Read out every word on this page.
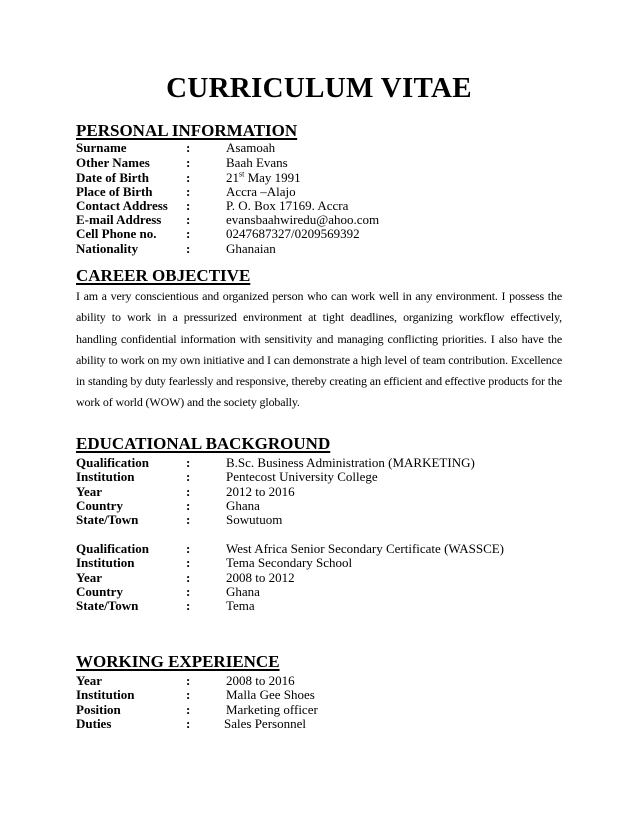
CURRICULUM VITAE
PERSONAL INFORMATION
Surname	:	Asamoah
Other Names	:	Baah Evans
Date of Birth	:	21st May 1991
Place of Birth	:	Accra –Alajo
Contact Address :	P. O. Box 17169. Accra
E-mail Address :	evansbaahwiredu@ahoo.com
Cell Phone no. :	0247687327/0209569392
Nationality	:	Ghanaian
CAREER OBJECTIVE
I am a very conscientious and organized person who can work well in any environment. I possess the ability to work in a pressurized environment at tight deadlines, organizing workflow effectively, handling confidential information with sensitivity and managing conflicting priorities. I also have the ability to work on my own initiative and I can demonstrate a high level of team contribution. Excellence in standing by duty fearlessly and responsive, thereby creating an efficient and effective products for the work of world (WOW) and the society globally.
EDUCATIONAL BACKGROUND
Qualification	:	B.Sc. Business Administration (MARKETING)
Institution	:	Pentecost University College
Year	:	2012 to 2016
Country	:	Ghana
State/Town	:	Sowutuom
Qualification	:	West Africa Senior Secondary Certificate (WASSCE)
Institution	:	Tema Secondary School
Year	:	2008 to 2012
Country	:	Ghana
State/Town	:	Tema
WORKING EXPERIENCE
Year	:	2008 to 2016
Institution	:	Malla Gee Shoes
Position	:	Marketing officer
Duties	:	Sales Personnel
